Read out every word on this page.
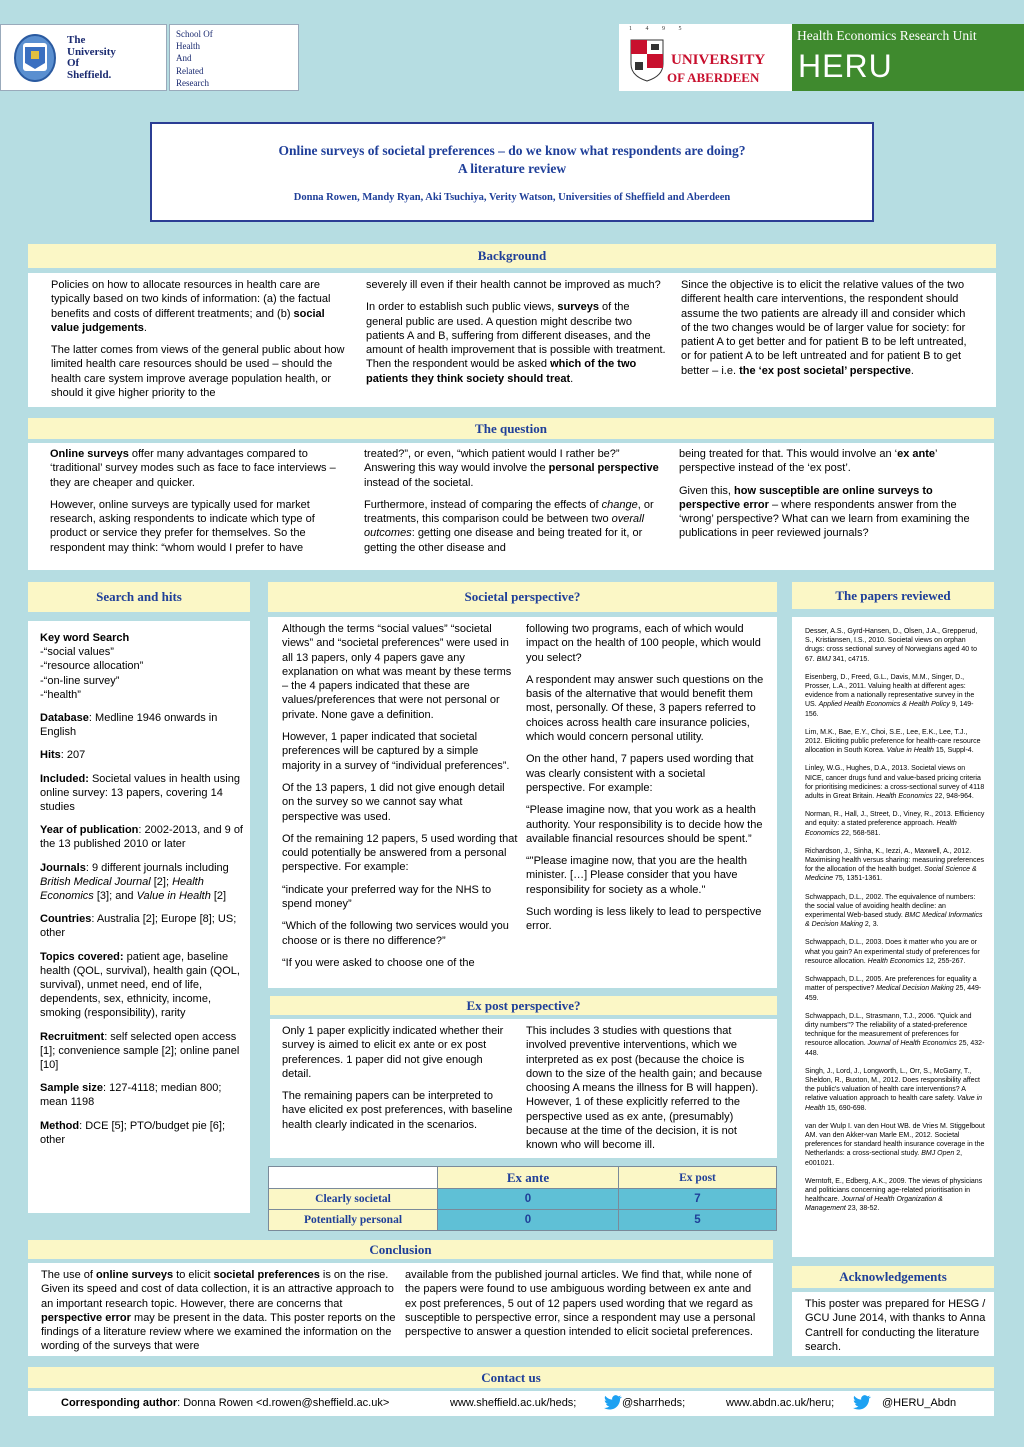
The
University
Of
Sheffield.
School Of
Health
And
Related
Research
1 4 9 5
UNIVERSITY
OF ABERDEEN
Health Economics Research Unit
HERU
Online surveys of societal preferences – do we know what respondents are doing?
A literature review
Donna Rowen, Mandy Ryan, Aki Tsuchiya, Verity Watson, Universities of Sheffield and Aberdeen
Background

Policies on how to allocate resources in health care are typically based on two kinds of information: (a) the factual benefits and costs of different treatments; and (b) social value judgements.

The latter comes from views of the general public about how limited health care resources should be used – should the health care system improve average population health, or should it give higher priority to the

severely ill even if their health cannot be improved as much?

In order to establish such public views, surveys of the general public are used. A question might describe two patients A and B, suffering from different diseases, and the amount of health improvement that is possible with treatment. Then the respondent would be asked which of the two patients they think society should treat.

Since the objective is to elicit the relative values of the two different health care interventions, the respondent should assume the two patients are already ill and consider which of the two changes would be of larger value for society: for patient A to get better and for patient B to be left untreated, or for patient A to be left untreated and for patient B to get better – i.e. the ‘ex post societal’ perspective.

The question

Online surveys offer many advantages compared to ‘traditional’ survey modes such as face to face interviews – they are cheaper and quicker.

However, online surveys are typically used for market research, asking respondents to indicate which type of product or service they prefer for themselves. So the respondent may think: “whom would I prefer to have

treated?”, or even, “which patient would I rather be?” Answering this way would involve the personal perspective instead of the societal.

Furthermore, instead of comparing the effects of change, or treatments, this comparison could be between two overall outcomes: getting one disease and being treated for it, or getting the other disease and

being treated for that. This would involve an ‘ex ante’ perspective instead of the ‘ex post’.

Given this, how susceptible are online surveys to perspective error – where respondents answer from the ‘wrong’ perspective? What can we learn from examining the publications in peer reviewed journals?

Search and hits
Key word Search
-“social values”
-“resource allocation”
-“on-line survey”
-“health”

Database: Medline 1946 onwards in English

Hits: 207

Included: Societal values in health using online survey: 13 papers, covering 14 studies

Year of publication: 2002-2013, and 9 of the 13 published 2010 or later

Journals: 9 different journals including British Medical Journal [2]; Health Economics [3]; and Value in Health [2]

Countries: Australia [2]; Europe [8]; US; other

Topics covered: patient age, baseline health (QOL, survival), health gain (QOL, survival), unmet need, end of life, dependents, sex, ethnicity, income, smoking (responsibility), rarity

Recruitment: self selected open access [1]; convenience sample [2]; online panel [10]

Sample size: 127-4118; median 800; mean 1198

Method: DCE [5]; PTO/budget pie [6]; other

Societal perspective?

Although the terms “social values” “societal views” and “societal preferences” were used in all 13 papers, only 4 papers gave any explanation on what was meant by these terms – the 4 papers indicated that these are values/preferences that were not personal or private. None gave a definition.

However, 1 paper indicated that societal preferences will be captured by a simple majority in a survey of “individual preferences”.

Of the 13 papers, 1 did not give enough detail on the survey so we cannot say what perspective was used.

Of the remaining 12 papers, 5 used wording that could potentially be answered from a personal perspective. For example:

“indicate your preferred way for the NHS to spend money”

“Which of the following two services would you choose or is there no difference?”

“If you were asked to choose one of the

following two programs, each of which would impact on the health of 100 people, which would you select?

A respondent may answer such questions on the basis of the alternative that would benefit them most, personally. Of these, 3 papers referred to choices across health care insurance policies, which would concern personal utility.

On the other hand, 7 papers used wording that was clearly consistent with a societal perspective. For example:

“Please imagine now, that you work as a health authority. Your responsibility is to decide how the available financial resources should be spent.”

“"Please imagine now, that you are the health minister. […] Please consider that you have responsibility for society as a whole."

Such wording is less likely to lead to perspective error.

Ex post perspective?

Only 1 paper explicitly indicated whether their survey is aimed to elicit ex ante or ex post preferences. 1 paper did not give enough detail.

The remaining papers can be interpreted to have elicited ex post preferences, with baseline health clearly indicated in the scenarios.

This includes 3 studies with questions that involved preventive interventions, which we interpreted as ex post (because the choice is down to the size of the health gain; and because choosing A means the illness for B will happen). However, 1 of these explicitly referred to the perspective used as ex ante, (presumably) because at the time of the decision, it is not known who will become ill.

	Ex ante	Ex post
Clearly societal	0	7
Potentially personal	0	5
The papers reviewed

Desser, A.S., Gyrd-Hansen, D., Olsen, J.A., Grepperud, S., Kristiansen, I.S., 2010. Societal views on orphan drugs: cross sectional survey of Norwegians aged 40 to 67. BMJ 341, c4715.

Eisenberg, D., Freed, G.L., Davis, M.M., Singer, D., Prosser, L.A., 2011. Valuing health at different ages: evidence from a nationally representative survey in the US. Applied Health Economics & Health Policy 9, 149-156.

Lim, M.K., Bae, E.Y., Choi, S.E., Lee, E.K., Lee, T.J., 2012. Eliciting public preference for health-care resource allocation in South Korea. Value in Health 15, Suppl-4.

Linley, W.G., Hughes, D.A., 2013. Societal views on NICE, cancer drugs fund and value-based pricing criteria for prioritising medicines: a cross-sectional survey of 4118 adults in Great Britain. Health Economics 22, 948-964.

Norman, R., Hall, J., Street, D., Viney, R., 2013. Efficiency and equity: a stated preference approach. Health Economics 22, 568-581.

Richardson, J., Sinha, K., Iezzi, A., Maxwell, A., 2012. Maximising health versus sharing: measuring preferences for the allocation of the health budget. Social Science & Medicine 75, 1351-1361.

Schwappach, D.L., 2002. The equivalence of numbers: the social value of avoiding health decline: an experimental Web-based study. BMC Medical Informatics & Decision Making 2, 3.

Schwappach, D.L., 2003. Does it matter who you are or what you gain? An experimental study of preferences for resource allocation. Health Economics 12, 255-267.

Schwappach, D.L., 2005. Are preferences for equality a matter of perspective? Medical Decision Making 25, 449-459.

Schwappach, D.L., Strasmann, T.J., 2006. "Quick and dirty numbers"? The reliability of a stated-preference technique for the measurement of preferences for resource allocation. Journal of Health Economics 25, 432-448.

Singh, J., Lord, J., Longworth, L., Orr, S., McGarry, T., Sheldon, R., Buxton, M., 2012. Does responsibility affect the public's valuation of health care interventions? A relative valuation approach to health care safety. Value in Health 15, 690-698.

van der Wulp I. van den Hout WB. de Vries M. Stiggelbout AM. van den Akker-van Marle EM., 2012. Societal preferences for standard health insurance coverage in the Netherlands: a cross-sectional study. BMJ Open 2, e001021.

Werntoft, E., Edberg, A.K., 2009. The views of physicians and politicians concerning age-related prioritisation in healthcare. Journal of Health Organization & Management 23, 38-52.

Conclusion

The use of online surveys to elicit societal preferences is on the rise. Given its speed and cost of data collection, it is an attractive approach to an important research topic. However, there are concerns that perspective error may be present in the data. This poster reports on the findings of a literature review where we examined the information on the wording of the surveys that were

available from the published journal articles. We find that, while none of the papers were found to use ambiguous wording between ex ante and ex post preferences, 5 out of 12 papers used wording that we regard as susceptible to perspective error, since a respondent may use a personal perspective to answer a question intended to elicit societal preferences.

Acknowledgements
This poster was prepared for HESG / GCU June 2014, with thanks to Anna Cantrell for conducting the literature search.
Contact us
Corresponding author: Donna Rowen <d.rowen@sheffield.ac.uk>	www.sheffield.ac.uk/heds;	@sharrheds;	www.abdn.ac.uk/heru;	@HERU_Abdn
